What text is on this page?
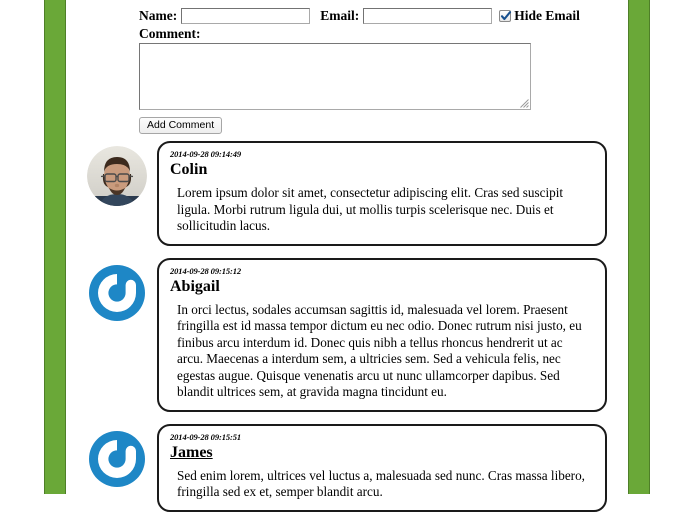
Name:	Email:	Hide Email
Comment:
Add Comment
2014-09-28 09:14:49
Colin
Lorem ipsum dolor sit amet, consectetur adipiscing elit. Cras sed suscipit ligula. Morbi rutrum ligula dui, ut mollis turpis scelerisque nec. Duis et sollicitudin lacus.
2014-09-28 09:15:12
Abigail
In orci lectus, sodales accumsan sagittis id, malesuada vel lorem. Praesent fringilla est id massa tempor dictum eu nec odio. Donec rutrum nisi justo, eu finibus arcu interdum id. Donec quis nibh a tellus rhoncus hendrerit ut ac arcu. Maecenas a interdum sem, a ultricies sem. Sed a vehicula felis, nec egestas augue. Quisque venenatis arcu ut nunc ullamcorper dapibus. Sed blandit ultrices sem, at gravida magna tincidunt eu.
2014-09-28 09:15:51
James
Sed enim lorem, ultrices vel luctus a, malesuada sed nunc. Cras massa libero, fringilla sed ex et, semper blandit arcu.
